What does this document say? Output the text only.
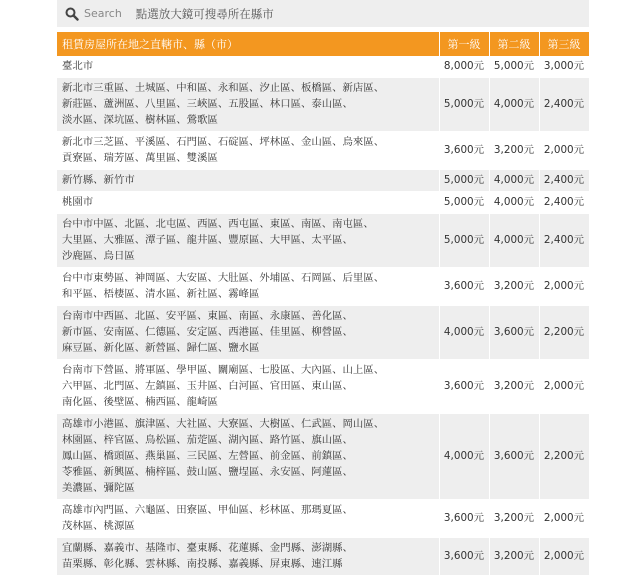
Search 點選放大鏡可搜尋所在縣市
租賃房屋所在地之直轄市、縣（市）	第一級	第二級	第三級
臺北市	8,000元	5,000元	3,000元
新北市三重區、土城區、中和區、永和區、汐止區、板橋區、新店區、
新莊區、蘆洲區、八里區、三峽區、五股區、林口區、泰山區、
淡水區、深坑區、樹林區、鶯歌區	5,000元	4,000元	2,400元
新北市三芝區、平溪區、石門區、石碇區、坪林區、金山區、烏來區、
貢寮區、瑞芳區、萬里區、雙溪區	3,600元	3,200元	2,000元
新竹縣、新竹市	5,000元	4,000元	2,400元
桃園市	5,000元	4,000元	2,400元
台中市中區、北區、北屯區、西區、西屯區、東區、南區、南屯區、
大里區、大雅區、潭子區、龍井區、豐原區、大甲區、太平區、
沙鹿區、烏日區	5,000元	4,000元	2,400元
台中市東勢區、神岡區、大安區、大肚區、外埔區、石岡區、后里區、
和平區、梧棲區、清水區、新社區、霧峰區	3,600元	3,200元	2,000元
台南市中西區、北區、安平區、東區、南區、永康區、善化區、
新市區、安南區、仁德區、安定區、西港區、佳里區、柳營區、
麻豆區、新化區、新營區、歸仁區、鹽水區	4,000元	3,600元	2,200元
台南市下營區、將軍區、學甲區、關廟區、七股區、大內區、山上區、
六甲區、北門區、左鎮區、玉井區、白河區、官田區、東山區、
南化區、後壁區、楠西區、龍崎區	3,600元	3,200元	2,000元
高雄市小港區、旗津區、大社區、大寮區、大樹區、仁武區、岡山區、
林園區、梓官區、鳥松區、茄萣區、湖內區、路竹區、旗山區、
鳳山區、橋頭區、燕巢區、三民區、左營區、前金區、前鎮區、
苓雅區、新興區、楠梓區、鼓山區、鹽埕區、永安區、阿蓮區、
美濃區、彌陀區	4,000元	3,600元	2,200元
高雄市內門區、六龜區、田寮區、甲仙區、杉林區、那瑪夏區、
茂林區、桃源區	3,600元	3,200元	2,000元
宜蘭縣、嘉義市、基隆市、臺東縣、花蓮縣、金門縣、澎湖縣、
苗栗縣、彰化縣、雲林縣、南投縣、嘉義縣、屏東縣、連江縣	3,600元	3,200元	2,000元
